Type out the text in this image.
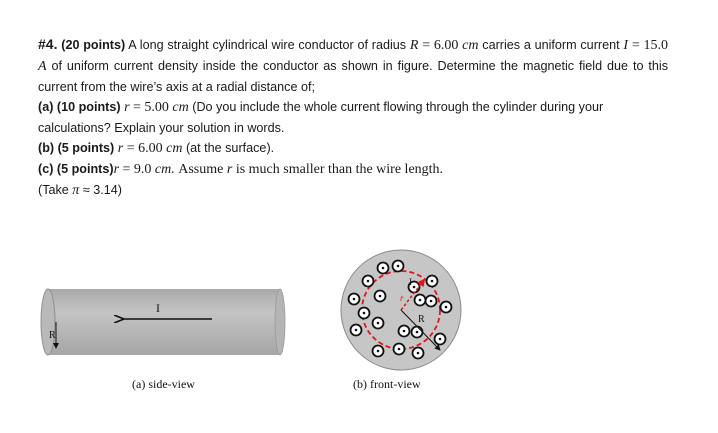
#4. (20 points) A long straight cylindrical wire conductor of radius R = 6.00 cm carries a uniform current I = 15.0 A of uniform current density inside the conductor as shown in figure. Determine the magnetic field due to this current from the wire’s axis at a radial distance of;

(a) (10 points) r = 5.00 cm (Do you include the whole current flowing through the cylinder during your calculations? Explain your solution in words.

(b) (5 points) r = 6.00 cm (at the surface).

(c) (5 points)r = 9.0 cm. Assume r is much smaller than the wire length.

(Take π ≈ 3.14)

I
R
(a) side-view
I
r
R
(b) front-view
